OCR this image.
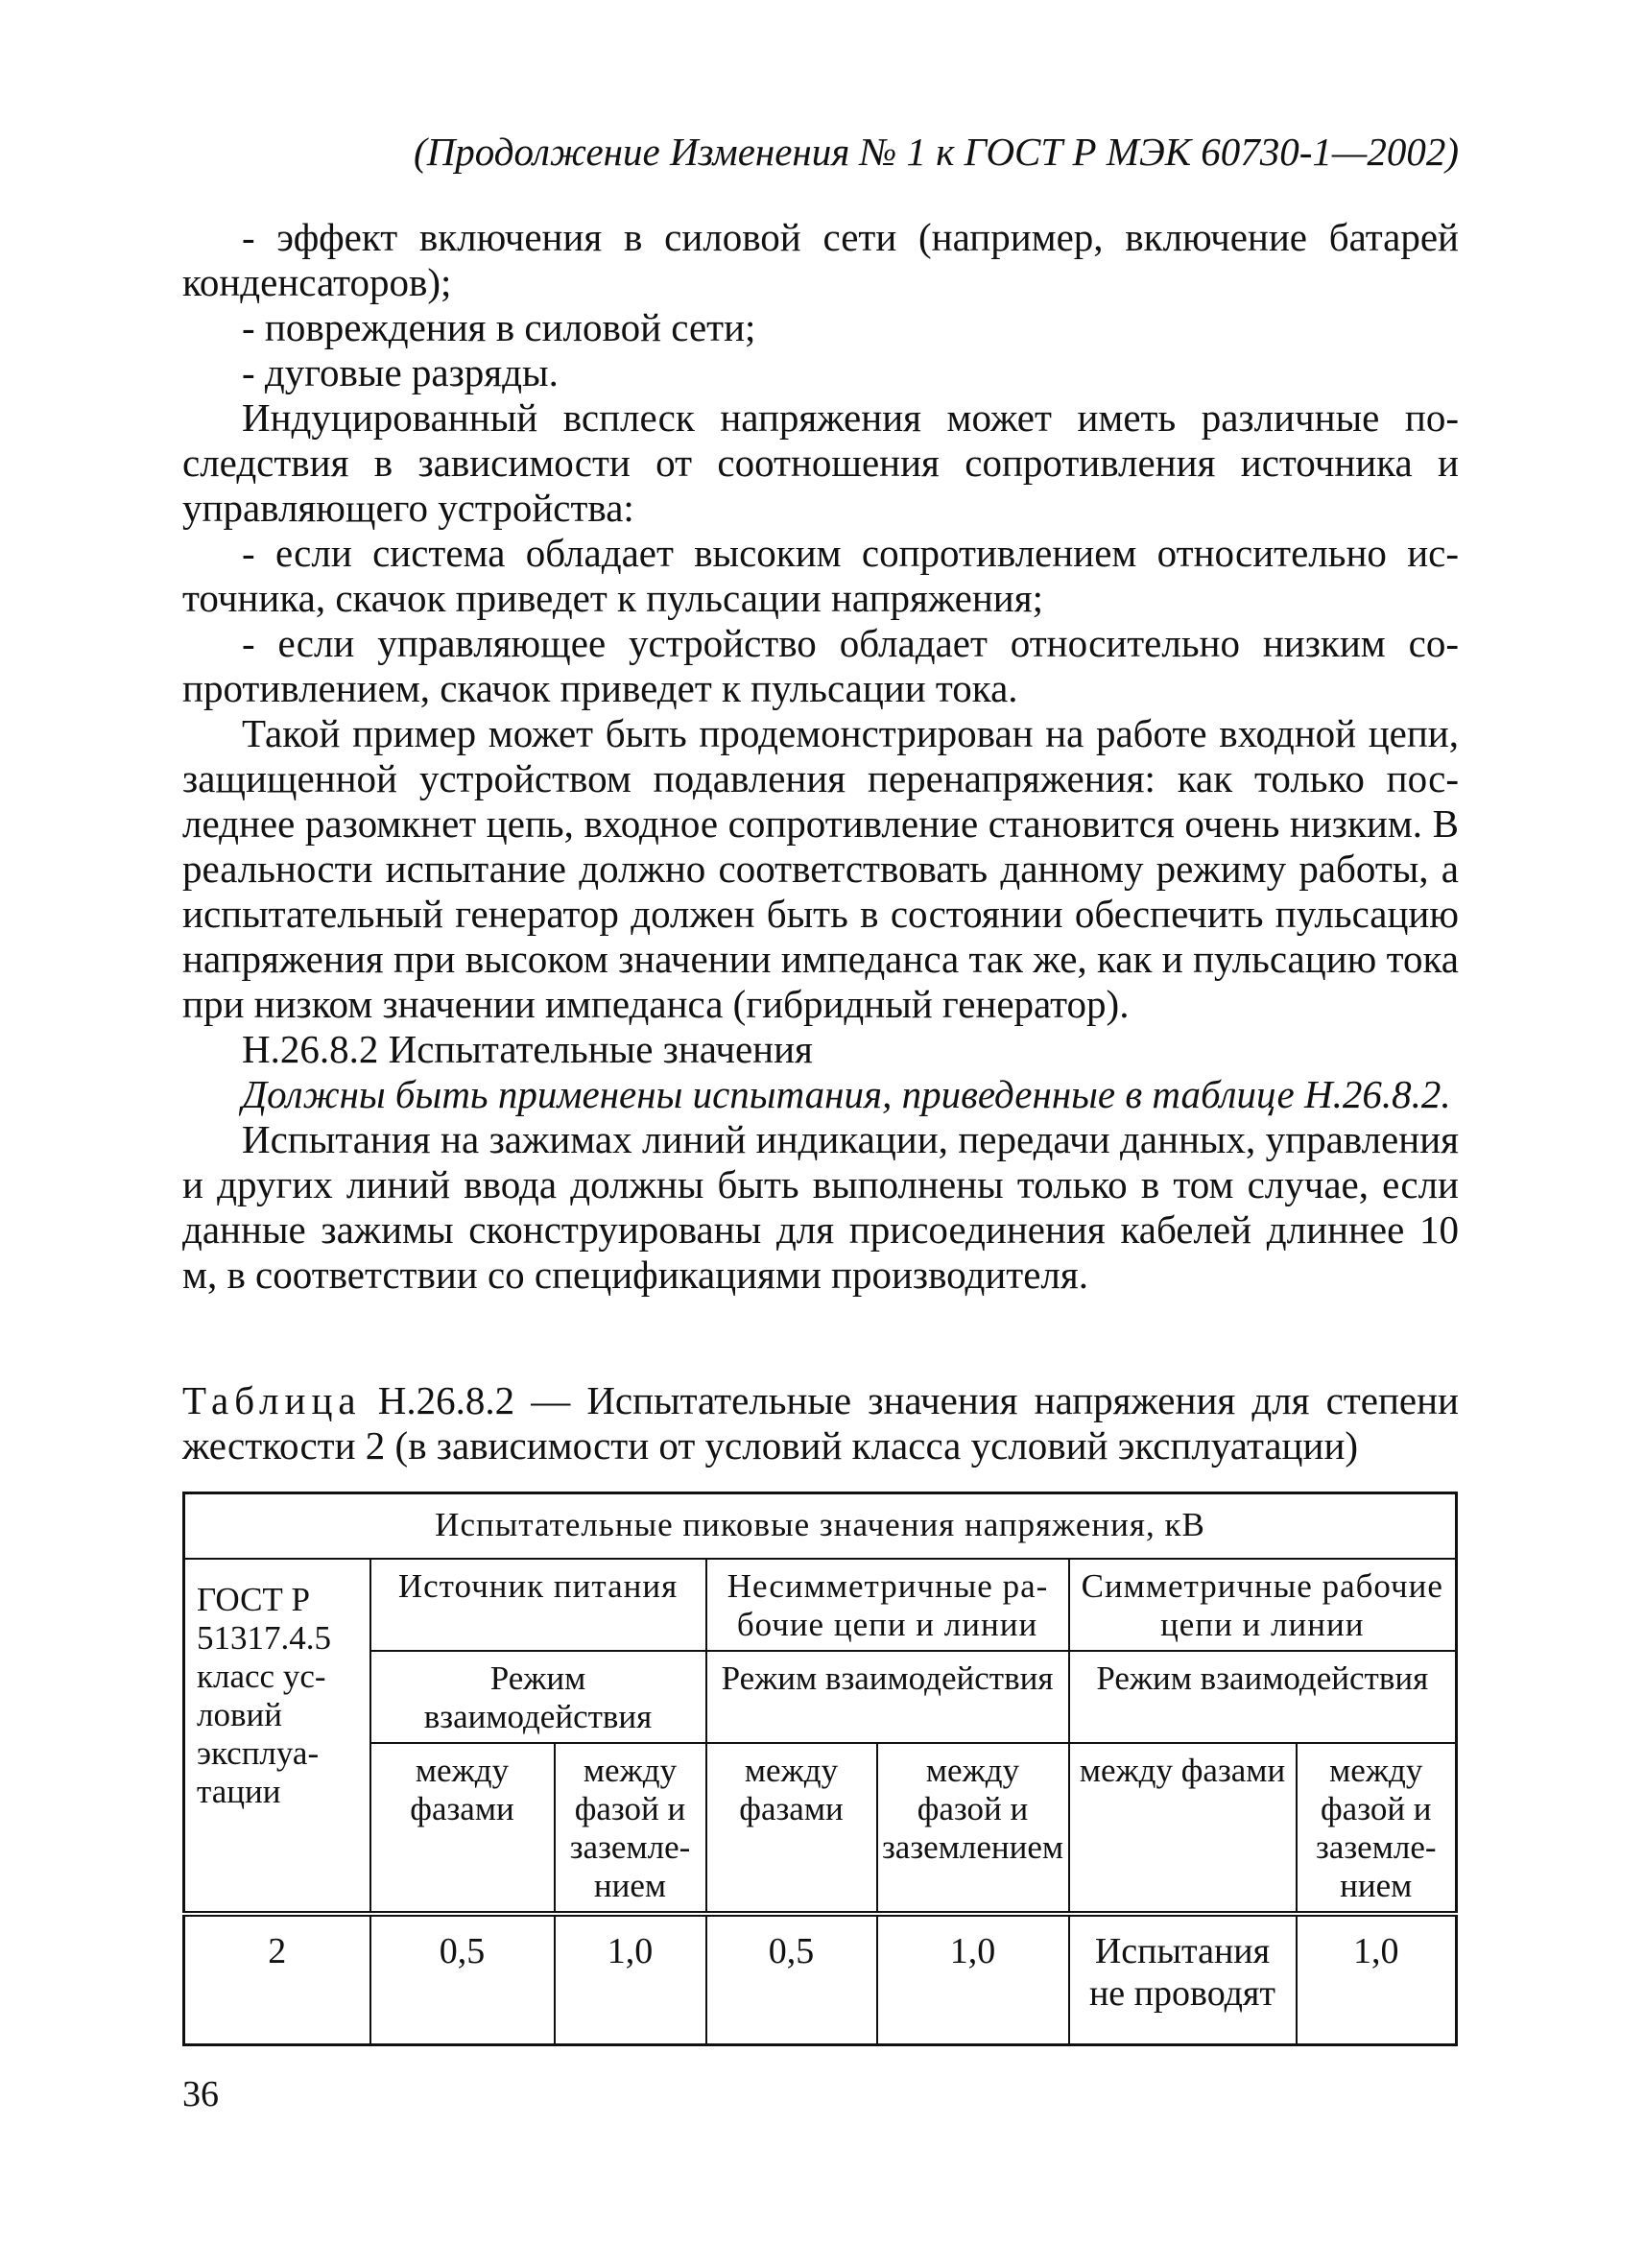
(Продолжение Изменения № 1 к ГОСТ Р МЭК 60730-1—2002)

- эффект включения в силовой сети (например, включение батарей конденсаторов);

- повреждения в силовой сети;

- дуговые разряды.

Индуцированный всплеск напряжения может иметь различные последствия в зависимости от соотношения сопротивления источника и управляющего устройства:

- если система обладает высоким сопротивлением относительно источника, скачок приведет к пульсации напряжения;

- если управляющее устройство обладает относительно низким сопротивлением, скачок приведет к пульсации тока.

Такой пример может быть продемонстрирован на работе входной цепи, защищенной устройством подавления перенапряжения: как только последнее разомкнет цепь, входное сопротивление становится очень низким. В реальности испытание должно соответствовать данному режиму работы, а испытательный генератор должен быть в состоянии обеспечить пульсацию напряжения при высоком значении импеданса так же, как и пульсацию тока при низком значении импеданса (гибридный генератор).

Н.26.8.2 Испытательные значения

Должны быть применены испытания, приведенные в таблице Н.26.8.2.

Испытания на зажимах линий индикации, передачи данных, управления и других линий ввода должны быть выполнены только в том случае, если данные зажимы сконструированы для присоединения кабелей длиннее 10 м, в соответствии со спецификациями производителя.

Таблица Н.26.8.2 — Испытательные значения напряжения для степени жесткости 2 (в зависимости от условий класса условий эксплуатации)
Испытательные пиковые значения напряжения, кВ						
ГОСТ Р 51317.4.5 класс условий эксплуатации	Источник питания		Несимметричные рабочие цепи и линии		Симметричные рабочие цепи и линии	
	Режим взаимодействия		Режим взаимодействия		Режим взаимодействия	
	между фазами	между фазой и заземлением	между фазами	между фазой и заземлением	между фазами	между фазой и заземлением
2	0,5	1,0	0,5	1,0	Испытания не проводят	1,0
36
